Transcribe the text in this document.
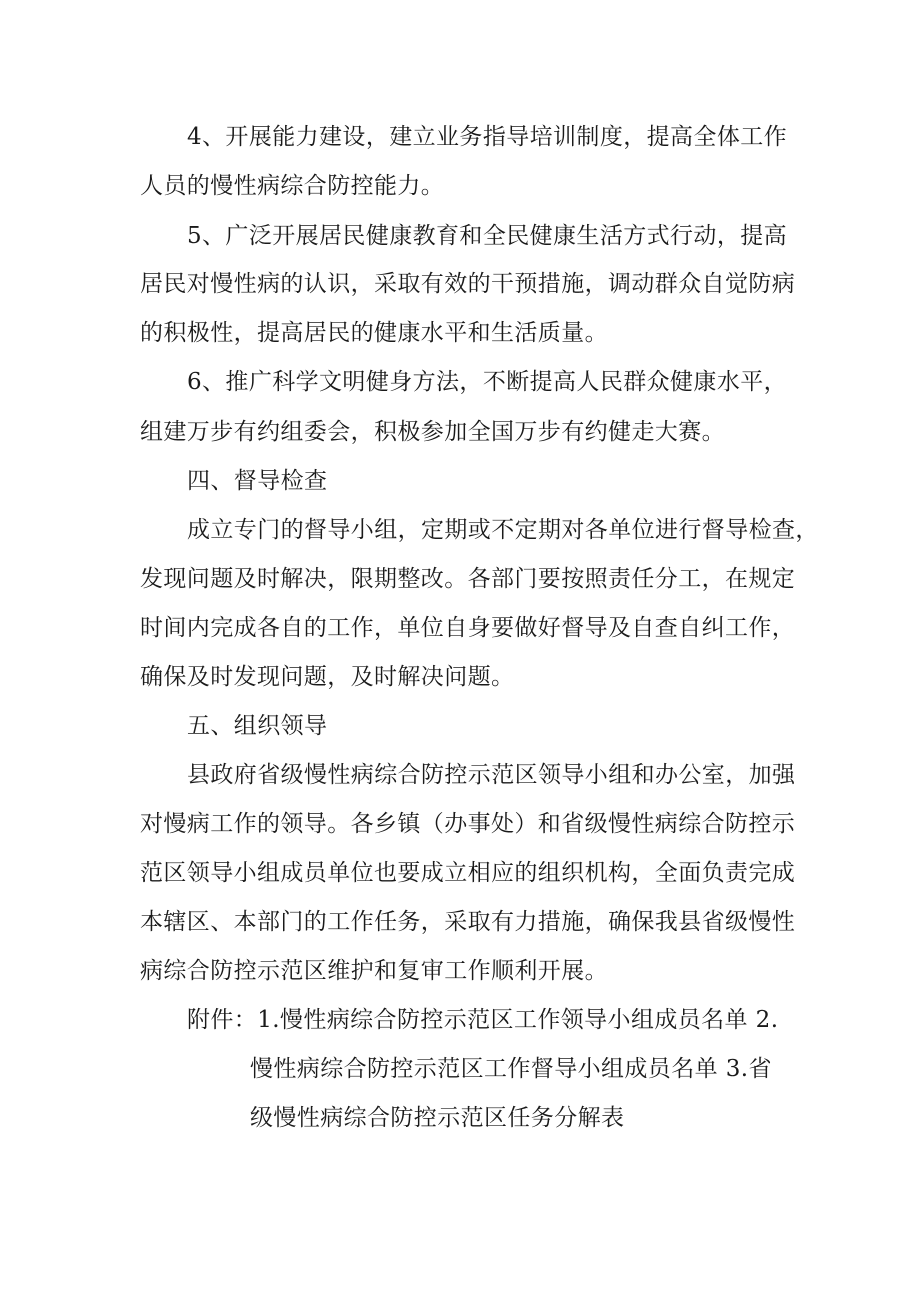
4、开展能力建设，建立业务指导培训制度，提高全体工作
人员的慢性病综合防控能力。
5、广泛开展居民健康教育和全民健康生活方式行动，提高
居民对慢性病的认识，采取有效的干预措施，调动群众自觉防病
的积极性，提高居民的健康水平和生活质量。
6、推广科学文明健身方法，不断提高人民群众健康水平，
组建万步有约组委会，积极参加全国万步有约健走大赛。
四、督导检查
成立专门的督导小组，定期或不定期对各单位进行督导检查，
发现问题及时解决，限期整改。各部门要按照责任分工，在规定
时间内完成各自的工作，单位自身要做好督导及自查自纠工作，
确保及时发现问题，及时解决问题。
五、组织领导
县政府省级慢性病综合防控示范区领导小组和办公室，加强
对慢病工作的领导。各乡镇（办事处）和省级慢性病综合防控示
范区领导小组成员单位也要成立相应的组织机构，全面负责完成
本辖区、本部门的工作任务，采取有力措施，确保我县省级慢性
病综合防控示范区维护和复审工作顺利开展。
附件：1.慢性病综合防控示范区工作领导小组成员名单 2.
慢性病综合防控示范区工作督导小组成员名单 3.省
级慢性病综合防控示范区任务分解表
